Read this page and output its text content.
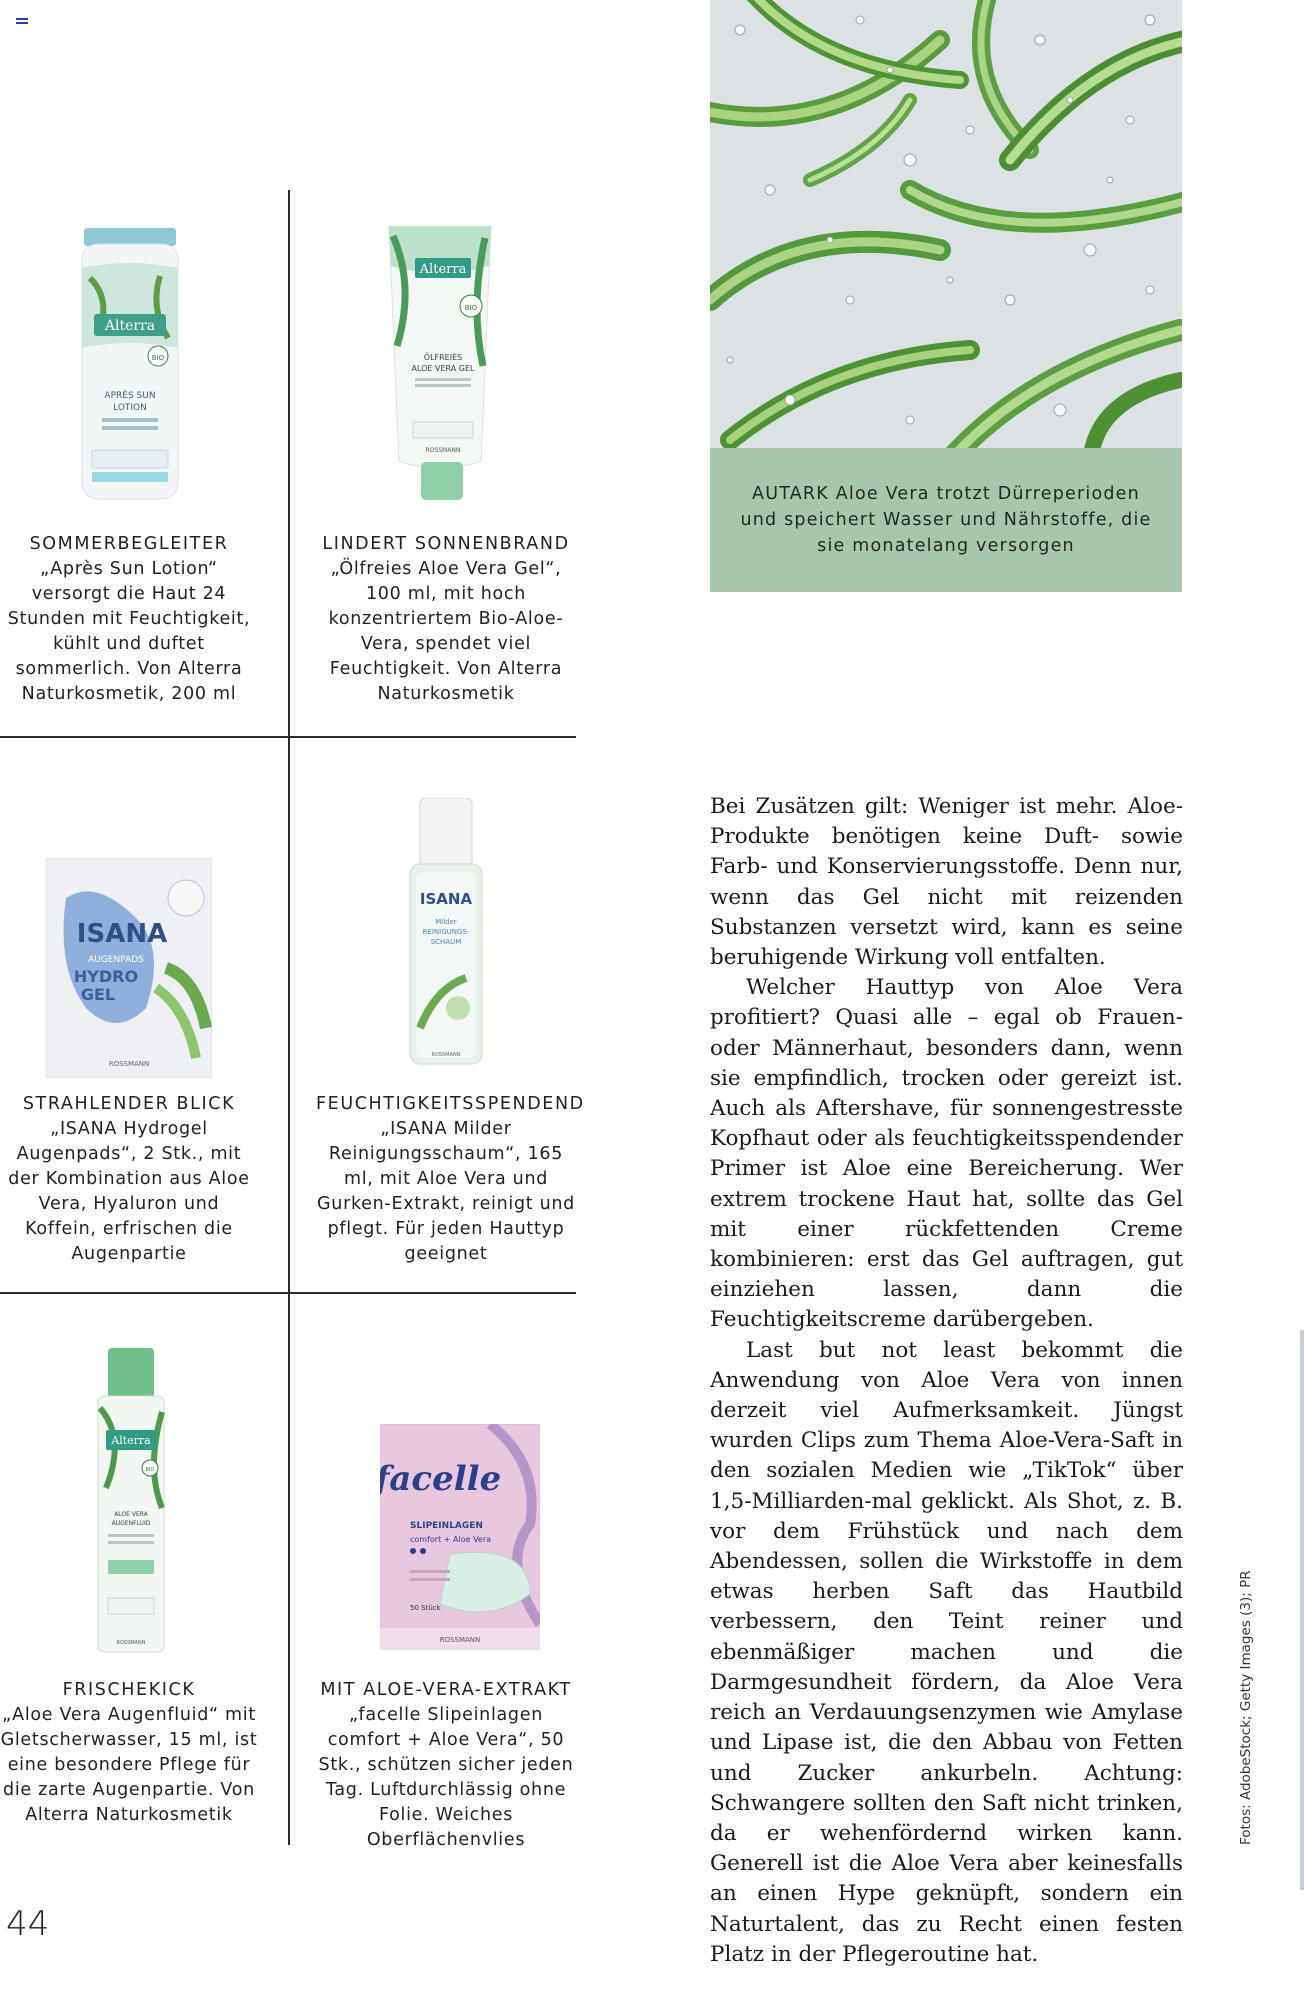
Alterra
BIO
APRÈS SUN
LOTION
Alterra
BIO
ÖLFREIES
ALOE VERA GEL
ROSSMANN
AUTARK Aloe Vera trotzt Dürreperioden und speichert Wasser und Nährstoffe, die sie monatelang versorgen
SOMMERBEGLEITER
„Après Sun Lotion“ versorgt die Haut 24 Stunden mit Feuchtigkeit, kühlt und duftet sommerlich. Von Alterra Naturkosmetik, 200 ml
LINDERT SONNENBRAND
„Ölfreies Aloe Vera Gel“, 100 ml, mit hoch konzentriertem Bio-Aloe-Vera, spendet viel Feuchtigkeit. Von Alterra Naturkosmetik
ISANA
AUGENPADS
HYDRO
GEL
ROSSMANN
ISANA
Milder
REINIGUNGS-
SCHAUM
ROSSMANN
STRAHLENDER BLICK
„ISANA Hydrogel Augenpads“, 2 Stk., mit der Kombination aus Aloe Vera, Hyaluron und Koffein, erfrischen die Augenpartie
FEUCHTIGKEITSSPENDEND
„ISANA Milder Reinigungsschaum“, 165 ml, mit Aloe Vera und Gurken-Extrakt, reinigt und pflegt. Für jeden Hauttyp geeignet
Alterra
BIO
ALOE VERA
AUGENFLUID
ROSSMANN
facelle
SLIPEINLAGEN
comfort + Aloe Vera
50 Stück
ROSSMANN
FRISCHEKICK
„Aloe Vera Augenfluid“ mit Gletscherwasser, 15 ml, ist eine besondere Pflege für die zarte Augenpartie. Von Alterra Naturkosmetik
MIT ALOE-VERA-EXTRAKT
„facelle Slipeinlagen comfort + Aloe Vera“, 50 Stk., schützen sicher jeden Tag. Luftdurchlässig ohne Folie. Weiches Oberflächenvlies

Bei Zusätzen gilt: Weniger ist mehr. Aloe-Produkte benötigen keine Duft- sowie Farb- und Konservierungsstoffe. Denn nur, wenn das Gel nicht mit reizenden Substanzen versetzt wird, kann es seine beruhigende Wirkung voll entfalten.

Welcher Hauttyp von Aloe Vera profitiert? Quasi alle – egal ob Frauen- oder Männerhaut, besonders dann, wenn sie empfindlich, trocken oder gereizt ist. Auch als Aftershave, für sonnengestresste Kopfhaut oder als feuchtigkeitsspendender Primer ist Aloe eine Bereicherung. Wer extrem trockene Haut hat, sollte das Gel mit einer rückfettenden Creme kombinieren: erst das Gel auftragen, gut einziehen lassen, dann die Feuchtigkeitscreme darübergeben.

Last but not least bekommt die Anwendung von Aloe Vera von innen derzeit viel Aufmerksamkeit. Jüngst wurden Clips zum Thema Aloe-Vera-Saft in den sozialen Medien wie „TikTok“ über 1,5-Milliarden-mal geklickt. Als Shot, z. B. vor dem Frühstück und nach dem Abendessen, sollen die Wirkstoffe in dem etwas herben Saft das Hautbild verbessern, den Teint reiner und ebenmäßiger machen und die Darmgesundheit fördern, da Aloe Vera reich an Verdauungsenzymen wie Amylase und Lipase ist, die den Abbau von Fetten und Zucker ankurbeln. Achtung: Schwangere sollten den Saft nicht trinken, da er wehenfördernd wirken kann. Generell ist die Aloe Vera aber keinesfalls an einen Hype geknüpft, sondern ein Naturtalent, das zu Recht einen festen Platz in der Pflegeroutine hat.

Fotos: AdobeStock; Getty Images (3); PR
44
